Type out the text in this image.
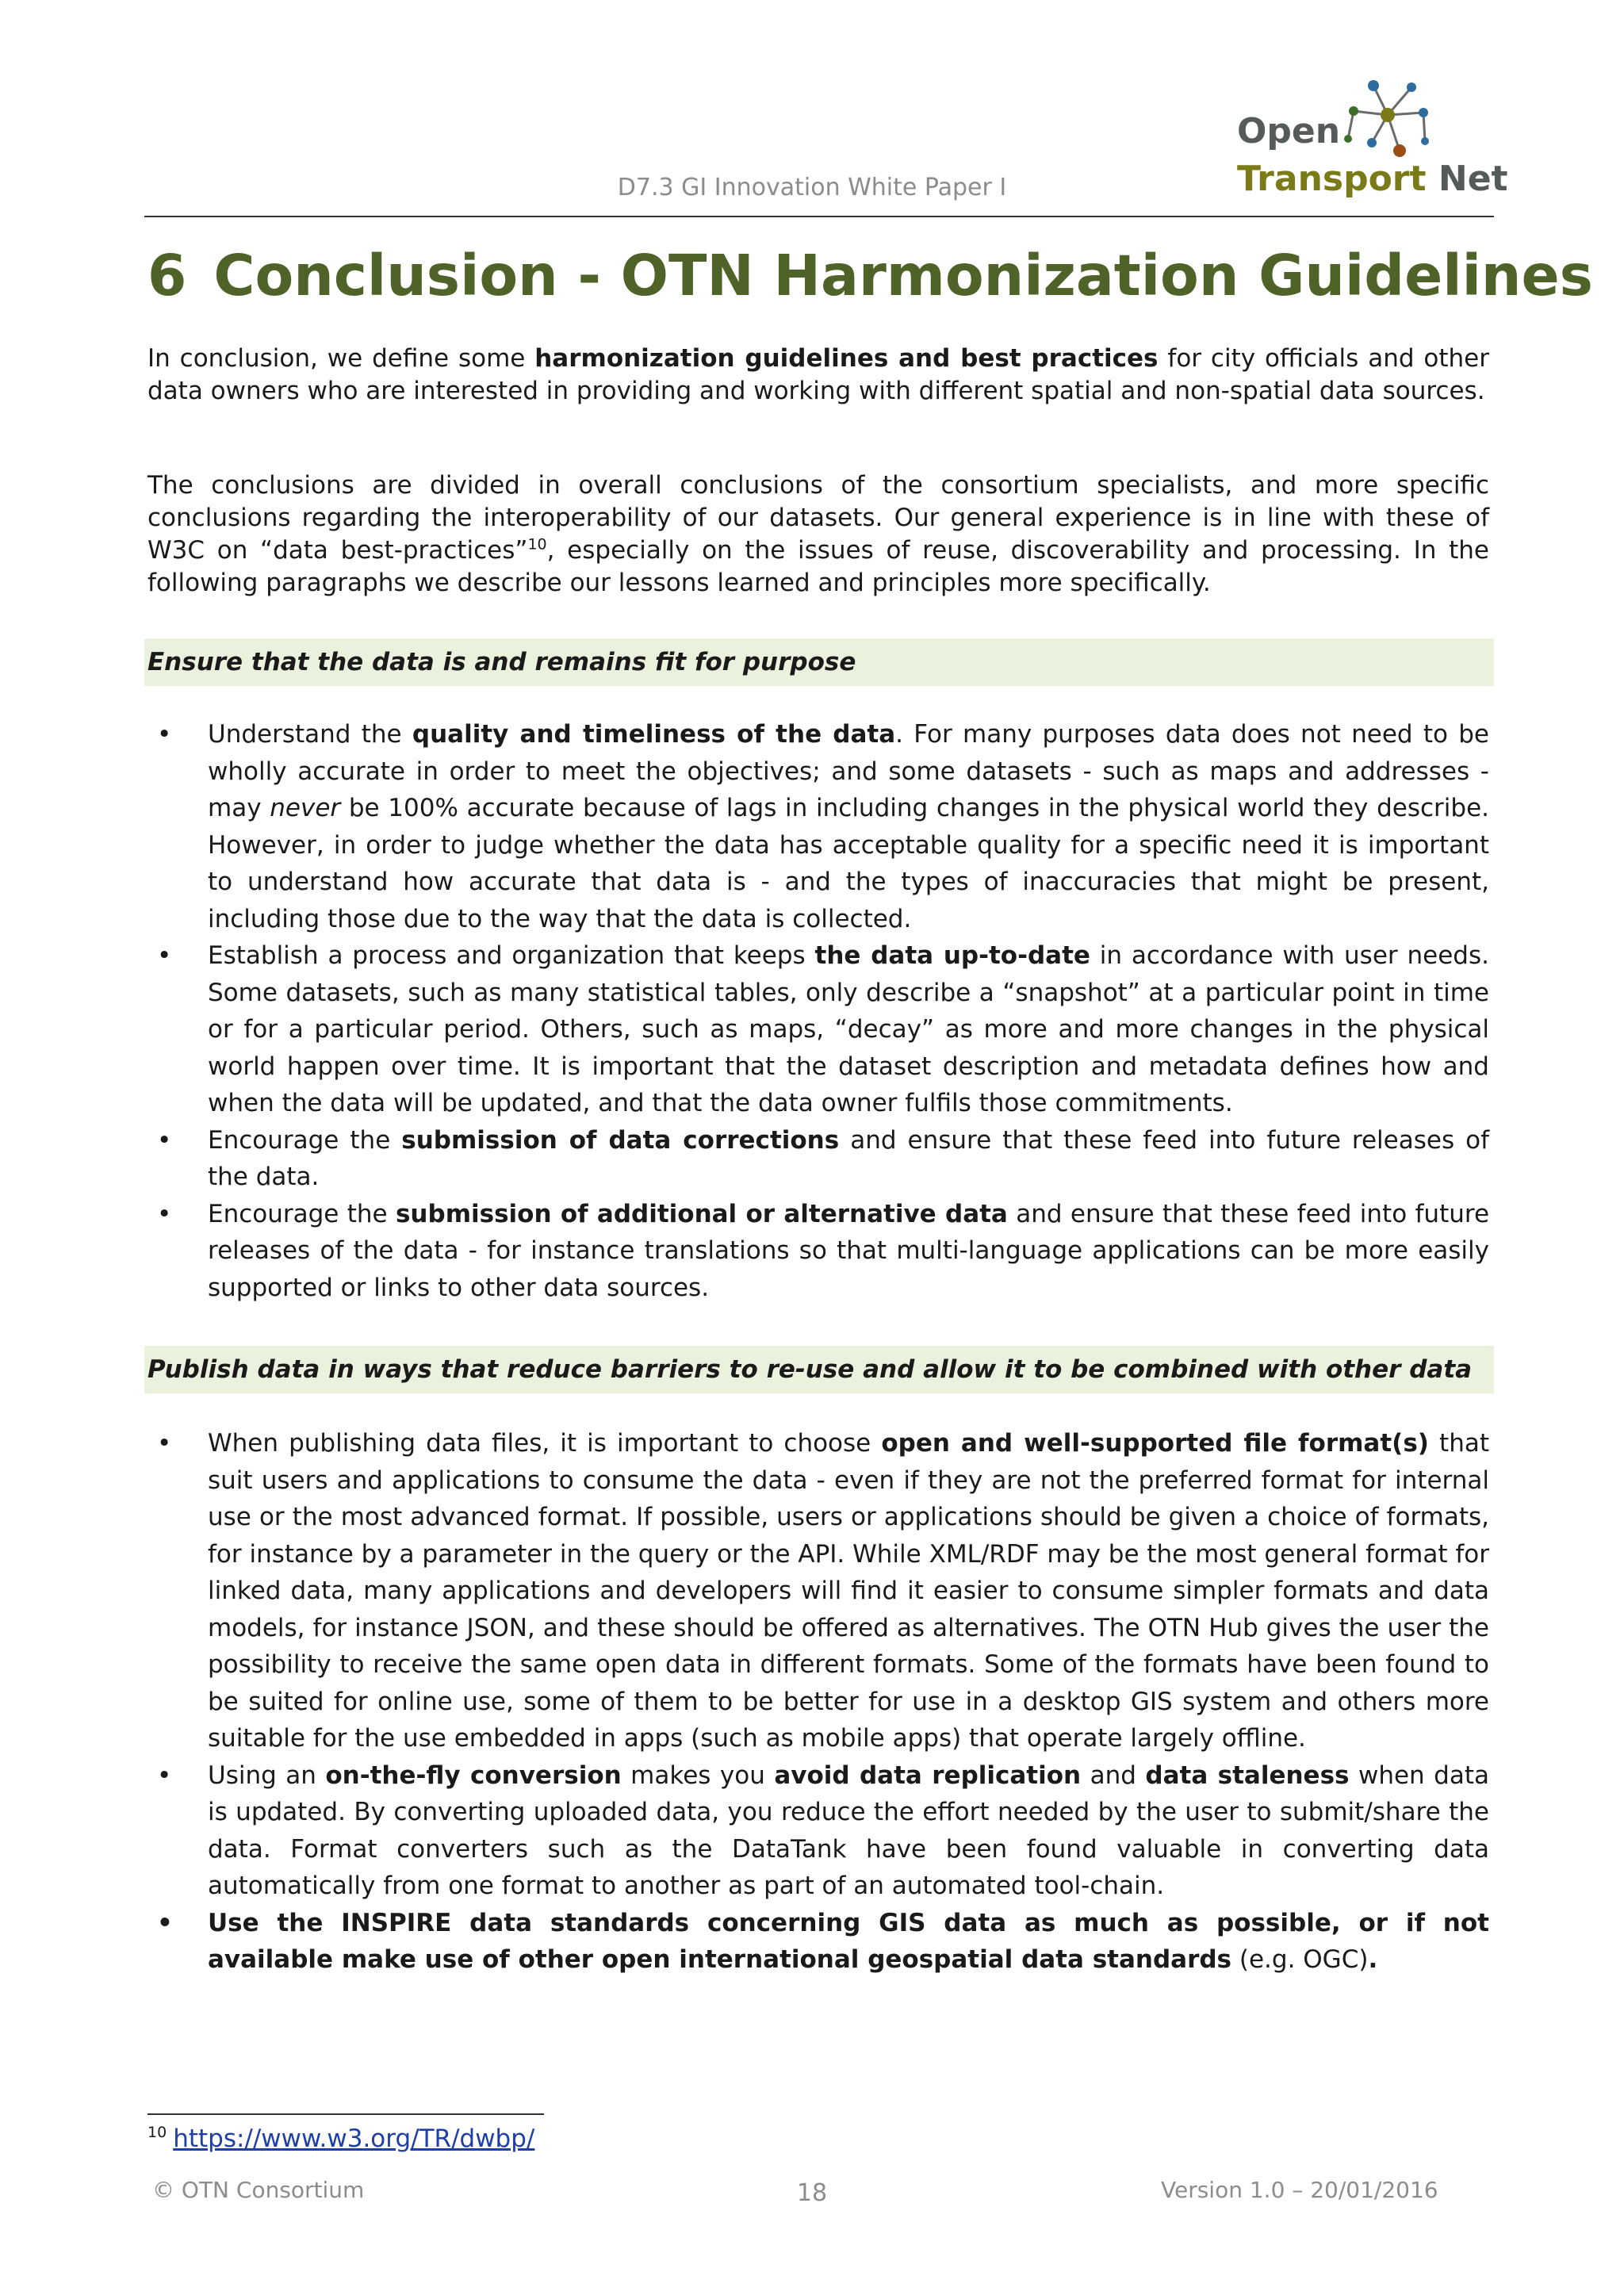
D7.3 GI Innovation White Paper I
Open
Transport Net
6 Conclusion - OTN Harmonization Guidelines

In conclusion, we define some harmonization guidelines and best practices for city officials and other data owners who are interested in providing and working with different spatial and non-spatial data sources.

The conclusions are divided in overall conclusions of the consortium specialists, and more specific conclusions regarding the interoperability of our datasets. Our general experience is in line with these of W3C on “data best-practices”$^{10}$, especially on the issues of reuse, discoverability and processing. In the following paragraphs we describe our lessons learned and principles more specifically.

Ensure that the data is and remains fit for purpose
• Understand the quality and timeliness of the data. For many purposes data does not need to be wholly accurate in order to meet the objectives; and some datasets - such as maps and addresses - may never be 100% accurate because of lags in including changes in the physical world they describe. However, in order to judge whether the data has acceptable quality for a specific need it is important to understand how accurate that data is - and the types of inaccuracies that might be present, including those due to the way that the data is collected.
• Establish a process and organization that keeps the data up-to-date in accordance with user needs. Some datasets, such as many statistical tables, only describe a “snapshot” at a particular point in time or for a particular period. Others, such as maps, “decay” as more and more changes in the physical world happen over time. It is important that the dataset description and metadata defines how and when the data will be updated, and that the data owner fulfils those commitments.
• Encourage the submission of data corrections and ensure that these feed into future releases of the data.
• Encourage the submission of additional or alternative data and ensure that these feed into future releases of the data - for instance translations so that multi-language applications can be more easily supported or links to other data sources.
Publish data in ways that reduce barriers to re-use and allow it to be combined with other data
• When publishing data files, it is important to choose open and well-supported file format(s) that suit users and applications to consume the data - even if they are not the preferred format for internal use or the most advanced format. If possible, users or applications should be given a choice of formats, for instance by a parameter in the query or the API. While XML/RDF may be the most general format for linked data, many applications and developers will find it easier to consume simpler formats and data models, for instance JSON, and these should be offered as alternatives. The OTN Hub gives the user the possibility to receive the same open data in different formats. Some of the formats have been found to be suited for online use, some of them to be better for use in a desktop GIS system and others more suitable for the use embedded in apps (such as mobile apps) that operate largely offline.
• Using an on-the-fly conversion makes you avoid data replication and data staleness when data is updated. By converting uploaded data, you reduce the effort needed by the user to submit/share the data. Format converters such as the DataTank have been found valuable in converting data automatically from one format to another as part of an automated tool-chain.
• Use the INSPIRE data standards concerning GIS data as much as possible, or if not available make use of other open international geospatial data standards (e.g. OGC).
$^{10}$ https://www.w3.org/TR/dwbp/
© OTN Consortium	18	Version 1.0 – 20/01/2016
